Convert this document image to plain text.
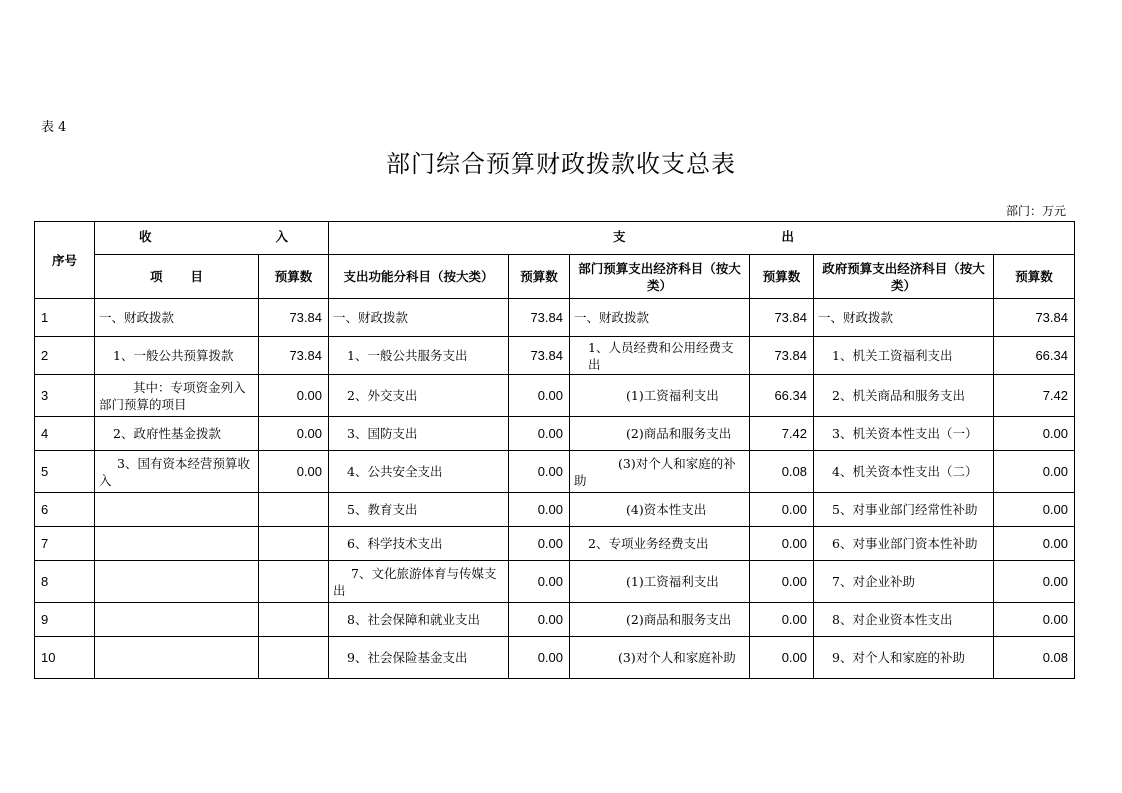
表 4
部门综合预算财政拨款收支总表
部门：万元
序号	收 入		支 出					

	项 目	预算数	支出功能分科目（按大类）	预算数	部门预算支出经济科目（按大类）	预算数	政府预算支出经济科目（按大类）	预算数
1	一、财政拨款	73.84	一、财政拨款	73.84	一、财政拨款	73.84	一、财政拨款	73.84
2	1、一般公共预算拨款	73.84	1、一般公共服务支出	73.84	1、人员经费和公用经费支出	73.84	1、机关工资福利支出	66.34
3	其中：专项资金列入部门预算的项目	0.00	2、外交支出	0.00	(1)工资福利支出	66.34	2、机关商品和服务支出	7.42
4	2、政府性基金拨款	0.00	3、国防支出	0.00	(2)商品和服务支出	7.42	3、机关资本性支出（一）	0.00
5	3、国有资本经营预算收入	0.00	4、公共安全支出	0.00	(3)对个人和家庭的补助	0.08	4、机关资本性支出（二）	0.00
6			5、教育支出	0.00	(4)资本性支出	0.00	5、对事业部门经常性补助	0.00
7			6、科学技术支出	0.00	2、专项业务经费支出	0.00	6、对事业部门资本性补助	0.00
8			7、文化旅游体育与传媒支出	0.00	(1)工资福利支出	0.00	7、对企业补助	0.00
9			8、社会保障和就业支出	0.00	(2)商品和服务支出	0.00	8、对企业资本性支出	0.00
10			9、社会保险基金支出	0.00	(3)对个人和家庭补助	0.00	9、对个人和家庭的补助	0.08
